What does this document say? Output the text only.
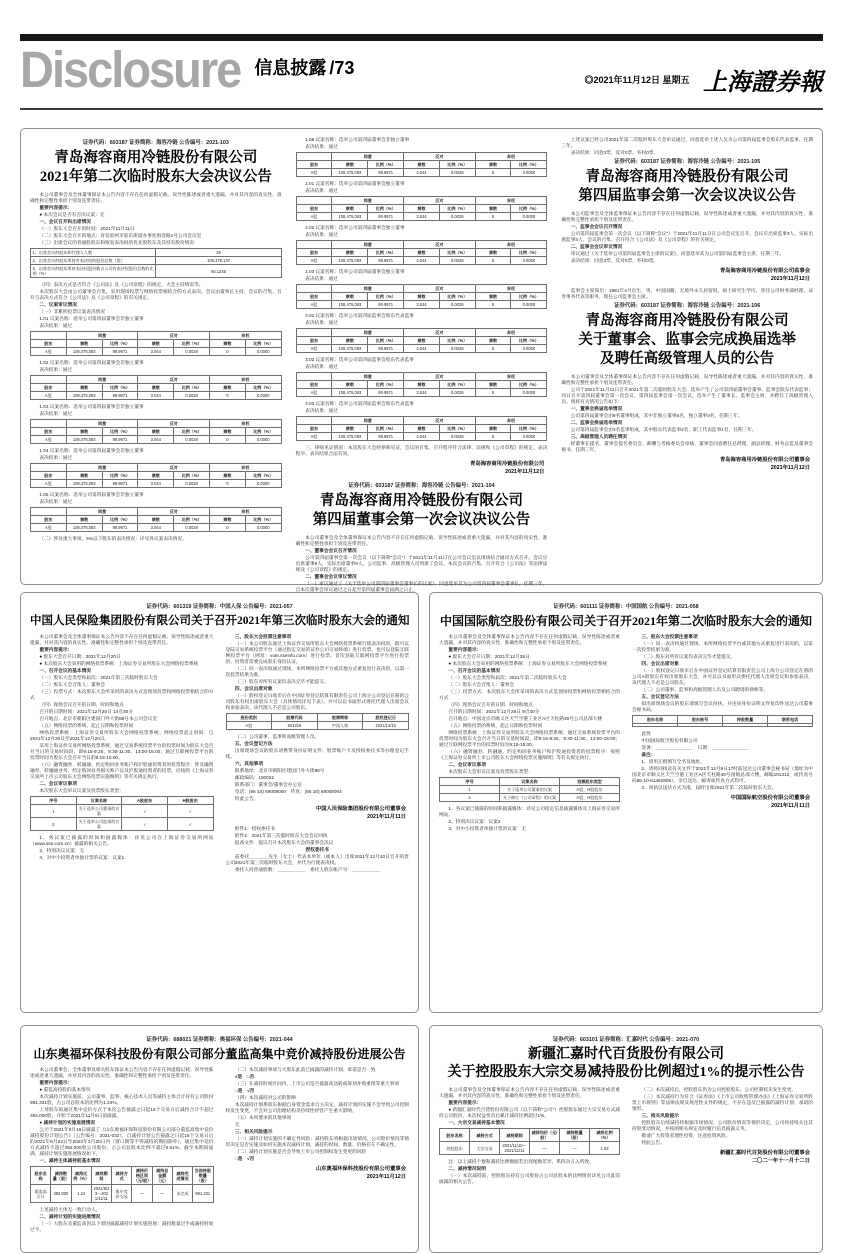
Disclosure 信息披露 /73
$^{◎2021年11月12日 星期五}$ 上海證券報
证券代码：603187 证券简称：海容冷链 公告编号：2021-103
青岛海容商用冷链股份有限公司
2021年第二次临时股东大会决议公告

本公司董事会及全体董事保证本公告内容不存在任何虚假记载、误导性陈述或者重大遗漏，并对其内容的真实性、准确性和完整性承担个别及连带责任。

重要内容提示：

● 本次会议是否有否决议案：无

一、会议召开和出席情况

（一）股东大会召开的时间：2021年11月11日

（二）股东大会召开的地点：青岛胶州市胶东街道办事处海容路1号公司会议室

（三）出席会议的普通股股东和恢复表决权的优先股股东及其持有股份情况：

1、出席会议的股东和代理人人数	25
2、出席会议的股东所持有表决权的股份总数（股）	108,478,137
3、出席会议的股东所持表决权股份数占公司有表决权股份总数的比例（%）	65.1245

（四）表决方式是否符合《公司法》及《公司章程》的规定，大会主持情况等。

本次股东大会由公司董事会召集，采用现场投票与网络投票相结合的方式表决。会议由董事长主持，会议的召集、召开与表决方式符合《公司法》及《公司章程》的有关规定。

二、议案审议情况

（一）非累积投票议案表决情况

1.01 议案名称：选举公司第四届董事会非独立董事

表决结果：通过

	同意		反对		弃权	
股东	票数	比例（%）	票数	比例（%）	票数	比例（%）
A股	108,475,093	99.9971	3,044	0.0028	0	0.0000

1.02 议案名称：选举公司第四届董事会非独立董事

表决结果：通过

	同意		反对		弃权	
股东	票数	比例（%）	票数	比例（%）	票数	比例（%）
A股	108,475,093	99.9971	3,044	0.0028	0	0.0000

1.03 议案名称：选举公司第四届董事会非独立董事

表决结果：通过

	同意		反对		弃权	
股东	票数	比例（%）	票数	比例（%）	票数	比例（%）
A股	108,475,093	99.9971	3,044	0.0028	0	0.0000

1.04 议案名称：选举公司第四届董事会非独立董事

表决结果：通过

	同意		反对		弃权	
股东	票数	比例（%）	票数	比例（%）	票数	比例（%）
A股	108,475,093	99.9971	3,044	0.0028	0	0.0000

1.05 议案名称：选举公司第四届董事会非独立董事

表决结果：通过

	同意		反对		弃权	
股东	票数	比例（%）	票数	比例（%）	票数	比例（%）
A股	108,475,093	99.9971	3,044	0.0028	0	0.0000

（二）涉及重大事项，5%以下股东的表决情况：详见各议案表决情况。

1.06 议案名称：选举公司第四届董事会非独立董事

表决结果：通过

	同意		反对		弃权	
股东	票数	比例（%）	票数	比例（%）	票数	比例（%）
A股	108,475,093	99.9971	3,044	0.0028	0	0.0000

2.01 议案名称：选举公司第四届董事会独立董事

表决结果：通过

	同意		反对		弃权	
股东	票数	比例（%）	票数	比例（%）	票数	比例（%）
A股	108,475,093	99.9971	3,044	0.0028	0	0.0000

2.02 议案名称：选举公司第四届董事会独立董事

表决结果：通过

	同意		反对		弃权	
股东	票数	比例（%）	票数	比例（%）	票数	比例（%）
A股	108,475,093	99.9971	3,044	0.0028	0	0.0000

2.03 议案名称：选举公司第四届董事会独立董事

表决结果：通过

	同意		反对		弃权	
股东	票数	比例（%）	票数	比例（%）	票数	比例（%）
A股	108,475,093	99.9971	3,044	0.0028	0	0.0000

3.01 议案名称：选举公司第四届监事会股东代表监事

表决结果：通过

	同意		反对		弃权	
股东	票数	比例（%）	票数	比例（%）	票数	比例（%）
A股	108,475,093	99.9971	3,044	0.0028	0	0.0000

3.02 议案名称：选举公司第四届监事会股东代表监事

表决结果：通过

	同意		反对		弃权	
股东	票数	比例（%）	票数	比例（%）	票数	比例（%）
A股	108,475,093	99.9971	3,044	0.0028	0	0.0000

3.03 议案名称：选举公司第四届监事会股东代表监事

表决结果：通过

	同意		反对		弃权	
股东	票数	比例（%）	票数	比例（%）	票数	比例（%）
A股	108,475,093	99.9971	3,044	0.0028	0	0.0000

三、律师见证情况：本次股东大会经律师见证，会议的召集、召开程序符合法律、法规和《公司章程》的规定，表决程序、表决结果合法有效。

青岛海容商用冷链股份有限公司
2021年11月12日
证券代码：603187 证券简称：海容冷链 公告编号：2021-104
青岛海容商用冷链股份有限公司
第四届董事会第一次会议决议公告

本公司董事会及全体董事保证本公告内容不存在任何虚假记载、误导性陈述或者重大遗漏，并对其内容的真实性、准确性和完整性承担个别及连带责任。

一、董事会会议召开情况

公司第四届董事会第一次会议（以下简称“会议”）于2021年11月11日在公司会议室以现场结合通讯方式召开。会议应出席董事9人，实际出席董事9人，公司监事、高级管理人员列席了会议。本次会议的召集、召开符合《公司法》等法律法规及《公司章程》的规定。

二、董事会会议审议情况

（一）审议通过了《关于选举公司第四届董事会董事长的议案》，同意选举其为公司第四届董事会董事长，任期三年，自本次董事会审议通过之日起至第四届董事会届满之日止。

上述议案已经公司2021年第二次临时股东大会审议通过，同意选举上述人员为公司第四届监事会股东代表监事，任期三年。

表决结果：同意3票，反对0票，弃权0票。

证券代码：603187 证券简称：海容冷链 公告编号：2021-105
青岛海容商用冷链股份有限公司
第四届监事会第一次会议决议公告

本公司监事会及全体监事保证本公告内容不存在任何虚假记载、误导性陈述或者重大遗漏，并对其内容的真实性、准确性和完整性承担个别及连带责任。

一、监事会会议召开情况

公司第四届监事会第一次会议（以下简称“会议”）于2021年11月11日在公司会议室召开。会议应出席监事3人，实际出席监事3人。会议的召集、召开符合《公司法》及《公司章程》的有关规定。

二、监事会会议审议情况

审议通过《关于选举公司第四届监事会主席的议案》，同意选举其为公司第四届监事会主席，任期三年。

表决结果：同意3票，反对0票，弃权0票。

青岛海容商用冷链股份有限公司监事会
2021年11月12日

监事会主席简历：1981年4月出生，男，中国国籍，无境外永久居留权，硕士研究生学历。曾任公司财务部经理、证券事务代表等职务，现任公司监事会主席。

证券代码：603187 证券简称：海容冷链 公告编号：2021-106
青岛海容商用冷链股份有限公司
关于董事会、监事会完成换届选举
及聘任高级管理人员的公告

本公司董事会及全体董事保证本公告内容不存在任何虚假记载、误导性陈述或者重大遗漏，并对其内容的真实性、准确性和完整性承担个别及连带责任。

公司于2021年11月11日召开2021年第二次临时股东大会，选举产生了公司第四届董事会董事、监事会股东代表监事；同日召开第四届董事会第一次会议、第四届监事会第一次会议，选举产生了董事长、监事会主席，并聘任了高级管理人员。现将有关情况公告如下：

一、董事会换届选举情况

公司第四届董事会由9名董事组成，其中非独立董事6名，独立董事3名，任期三年。

二、监事会换届选举情况

公司第四届监事会由3名监事组成，其中股东代表监事2名，职工代表监事1名，任期三年。

三、高级管理人员聘任情况

经董事长提名，董事会提名委员会、薪酬与考核委员会审核，董事会同意聘任总经理、副总经理、财务总监及董事会秘书，任期三年。

青岛海容商用冷链股份有限公司董事会
2021年11月12日
证券代码：601319 证券简称：中国人保 公告编号：2021-057
中国人民保险集团股份有限公司关于召开2021年第三次临时股东大会的通知

本公司董事会及全体董事保证本公告内容不存在任何虚假记载、误导性陈述或者重大遗漏，并对其内容的真实性、准确性和完整性承担个别及连带责任。

重要内容提示：

● 股东大会召开日期：2021年12月20日

● 本次股东大会采用的网络投票系统：上海证券交易所股东大会网络投票系统

一、召开会议的基本情况

（一）股东大会类型和届次：2021年第三次临时股东大会

（二）股东大会召集人：董事会

（三）投票方式：本次股东大会所采用的表决方式是现场投票和网络投票相结合的方式

（四）现场会议召开的日期、时间和地点

召开的日期时间：2021年12月20日 14点30分

召开地点：北京市朝阳区建国门外大街88号本公司会议室

（五）网络投票的系统、起止日期和投票时间

网络投票系统：上海证券交易所股东大会网络投票系统；网络投票起止时间：自2021年12月20日至2021年12月20日。

采用上海证券交易所网络投票系统，通过交易系统投票平台的投票时间为股东大会召开当日的交易时间段，即9:15-9:25、9:30-11:30、13:00-15:00；通过互联网投票平台的投票时间为股东大会召开当日的9:15-15:00。

（六）融资融券、转融通、约定购回业务账户和沪股通投资者的投票程序：涉及融资融券、转融通业务、约定购回业务相关账户以及沪股通投资者的投票，应按照《上海证券交易所上市公司股东大会网络投票实施细则》等有关规定执行。

二、会议审议事项

本次股东大会审议议案及投票股东类型：

序号	议案名称	A股股东	H股股东
1	关于选举公司董事的议案	√	√
2	关于选举公司监事的议案	√	√

1、各议案已披露的时间和披露媒体：详见公司在上海证券交易所网站（www.sse.com.cn）披露的相关公告。

2、特别决议议案：无

3、对中小投资者单独计票的议案：议案1

三、股东大会投票注意事项

（一）本公司股东通过上海证券交易所股东大会网络投票系统行使表决权的，既可以登陆交易系统投票平台（通过指定交易的证券公司交易终端）进行投票，也可以登陆互联网投票平台（网址：vote.sseinfo.com）进行投票。首次登陆互联网投票平台进行投票的，投资者需要完成股东身份认证。

（二）同一表决权通过现场、本所网络投票平台或其他方式重复进行表决的，以第一次投票结果为准。

（三）股东对所有议案均表决完毕才能提交。

四、会议出席对象

（一）股权登记日收市后在中国证券登记结算有限责任公司上海分公司登记在册的公司股东有权出席股东大会（具体情况详见下表），并可以以书面形式委托代理人出席会议和参加表决。该代理人不必是公司股东。

股份类别	股票代码	股票简称	股权登记日
A股	601319	中国人保	2021/12/10

（二）公司董事、监事和高级管理人员。

五、会议登记方法

出席现场会议的股东请携带身份证明文件、股票账户卡及授权委托书等办理登记手续。

六、其他事项

联系地址：北京市朝阳区建国门外大街88号

邮政编码：100022

联系部门：董事会/董事会办公室

电话：(86 10) 69008000　传真：(86 10) 69008004

特此公告。

中国人民保险集团股份有限公司董事会
2021年11月11日

附件1：授权委托书

附件2：2021年第三次临时股东大会会议回执

报备文件：提议召开本次股东大会的董事会决议

授权委托书

兹委托＿＿＿＿先生（女士）代表本单位（或本人）出席2021年12月20日召开的贵公司2021年第三次临时股东大会，并代为行使表决权。

委托人持普通股数：＿＿＿＿＿＿　委托人股东帐户号：＿＿＿＿＿＿

证券代码：601111 证券简称：中国国航 公告编号：2021-058
中国国际航空股份有限公司关于召开2021年第二次临时股东大会的通知

本公司董事会及全体董事保证本公告内容不存在任何虚假记载、误导性陈述或者重大遗漏，并对其内容的真实性、准确性和完整性承担个别及连带责任。

重要内容提示：

● 股东大会召开日期：2021年12月28日

● 本次股东大会采用的网络投票系统：上海证券交易所股东大会网络投票系统

一、召开会议的基本情况

（一）股东大会类型和届次：2021年第二次临时股东大会

（二）股东大会召集人：董事会

（三）投票方式：本次股东大会所采用的表决方式是现场投票和网络投票相结合的方式

（四）现场会议召开的日期、时间和地点

召开的日期时间：2021年12月28日 9点30分

召开地点：中国北京市顺义区天竺空港工业区A区天柱路30号公司总部大楼

（五）网络投票的系统、起止日期和投票时间

网络投票系统：上海证券交易所股东大会网络投票系统；通过交易系统投票平台的投票时间为股东大会召开当日的交易时间段，即9:15-9:25、9:30-11:30、13:00-15:00；通过互联网投票平台的投票时间为9:15-15:00。

（六）融资融券、转融通、约定购回业务账户和沪股通投资者的投票程序：按照《上海证券交易所上市公司股东大会网络投票实施细则》等有关规定执行。

二、会议审议事项

本次股东大会审议议案及投票股东类型：

序号	议案名称	投票股东类型
1	关于选举公司董事的议案	A股、H股股东
2	关于修订《公司章程》的议案	A股、H股股东

1、各议案已披露的时间和披露媒体：详见公司指定信息披露媒体及上海证券交易所网站。

2、特别决议议案：议案2

3、对中小投资者单独计票的议案：无

三、股东大会投票注意事项

（一）同一表决权通过现场、本所网络投票平台或其他方式重复进行表决的，以第一次投票结果为准。

（二）股东对所有议案均表决完毕才能提交。

四、会议出席对象

（一）股权登记日收市后在中国证券登记结算有限责任公司上海分公司登记在册的公司A股股东有权出席股东大会，并可以以书面形式委托代理人出席会议和参加表决，该代理人不必是公司股东。

（二）公司董事、监事和高级管理人员及公司聘请的律师等。

五、会议登记方法

拟出席现场会议的股东请填写会议回执，并连同身份证明文件复印件送达公司董事会秘书局。

股东名称	股东账号	持股数量	联系电话

此致

中国国际航空股份有限公司

签署：＿＿＿＿＿＿＿＿　日期：＿＿＿＿＿＿＿＿

备注：

1、请用正楷填写全名及地址。

2、请将回执及有关文件于2021年12月9日17时前送达公司董事会秘书局（地址为中国北京市顺义区天竺空港工业区A区天柱路30号国航总部大楼，邮编101312，或传真号码86-10-61462805），亲自送达、邮寄或传真方式均可。

3、回执以送达方式为准，届时出席2021年第二次临时股东大会。

中国国际航空股份有限公司董事会
2021年11月11日
证券代码：688021 证券简称：奥福环保 公告编号：2021-044
山东奥福环保科技股份有限公司部分董监高集中竞价减持股份进展公告

本公司董事会、全体董事及相关股东保证本公告内容不存在任何虚假记载、误导性陈述或者重大遗漏，并对其内容的真实性、准确性和完整性承担个别及连带责任。

重要内容提示：

● 董监高持股的基本情况

本次减持计划实施前，公司董事、监事、核心技术人员等减持主体合计持有公司股份981,331股，占公司总股本的比例为1.24%。

上述股东拟通过集中竞价方式于本次公告披露之日起15个交易日后减持合计不超过392,000股，开始于2021年11月6日前披露。

● 减持计划的实施进展情况

公司于2021年9月16日披露了《山东奥福环保科技股份有限公司部分董监高集中竞价减持股份计划公告》（公告编号：2021-032），自减持计划公告披露之日起15个交易日后的2021年8月23日至2022年3月20日内（窗口期等不得减持的期间除外），通过集中竞价方式减持不超过392,000股公司股份，占公司总股本比例不超过0.51%。截至本期间届满，减持计划实施进展情况如下。

一、减持主体减持前基本情况

股东名称	减持数量（股）	减持比例（%）	减持期间	减持方式	减持价格区间（元/股）	减持总金额（元）	减持完成情况	当前持股数量（股）
董监高合计	392,000	1.24	2021/8/23～2021/11/11	集中竞价交易	—	—	未完成	891,331

上述减持主体无一致行动人。

二、减持计划的实施进展情况

（一）大股东及董监高因以下原因披露减持计划实施进展：减持数量过半或减持时间过半。

（二）本次减持事项与大股东此前已披露的减持计划、承诺是否一致

√是　□否

（三）在减持时间区间内，上市公司是否披露高送转或筹划并购重组等重大事项

□是　√否

（四）本次减持对公司的影响

本次减持计划系股东根据自身资金需求自主决定，减持计划的实施不会导致公司控制权发生变更，不会对公司治理结构及持续性经营产生重大影响。

（五）本所要求的其他事项

无

三、相关风险提示

（一）减持计划实施的不确定性风险：减持股东将根据市场情况、公司股价情况等情形决定是否实施及如何实施本次减持计划，减持的时间、数量、价格存在不确定性。

（二）减持计划实施是否会导致上市公司控制权发生变更的风险

□是　√否

山东奥福环保科技股份有限公司董事会
2021年11月12日
证券代码：603101 证券简称：汇嘉时代 公告编号：2021-070
新疆汇嘉时代百货股份有限公司
关于控股股东大宗交易减持股份比例超过1%的提示性公告

本公司董事会及全体董事保证本公告内容不存在任何虚假记载、误导性陈述或者重大遗漏，并对其内容的真实性、准确性和完整性承担个别及连带责任。

重要内容提示：

● 新疆汇嘉时代百货股份有限公司（以下简称“公司”）控股股东通过大宗交易方式减持公司股份，本次权益变动后累计减持比例超过1%。

一、大宗交易减持基本情况

股东名称	减持方式	减持期间	减持均价（元/股）	减持数量（股）	减持比例（%）
控股股东	大宗交易	2021/11/10～2021/11/11	—	—	1.03

注：以上减持个数和减持比例数据若出现尾数差异，系四舍五入所致。

二、减持情况说明

（一）本次减持前，控股股东持有公司股份占公司总股本的比例情况详见公司此前披露的相关公告。

（二）本次减持后，控股股东仍为公司控股股东，公司控制权未发生变更。

（三）本次减持行为符合《证券法》《上市公司收购管理办法》《上海证券交易所股票上市规则》等法律法规及规范性文件的规定，不存在违反已披露的减持计划、承诺的情形。

三、相关风险提示

控股股东后续减持将根据市场情况、公司股价情况等情形决定，公司将持续关注其持股变动情况，并按照相关规定及时履行信息披露义务。

敬请广大投资者理性投资，注意投资风险。

特此公告。

新疆汇嘉时代百货股份有限公司董事会
二〇二一年十一月十二日
